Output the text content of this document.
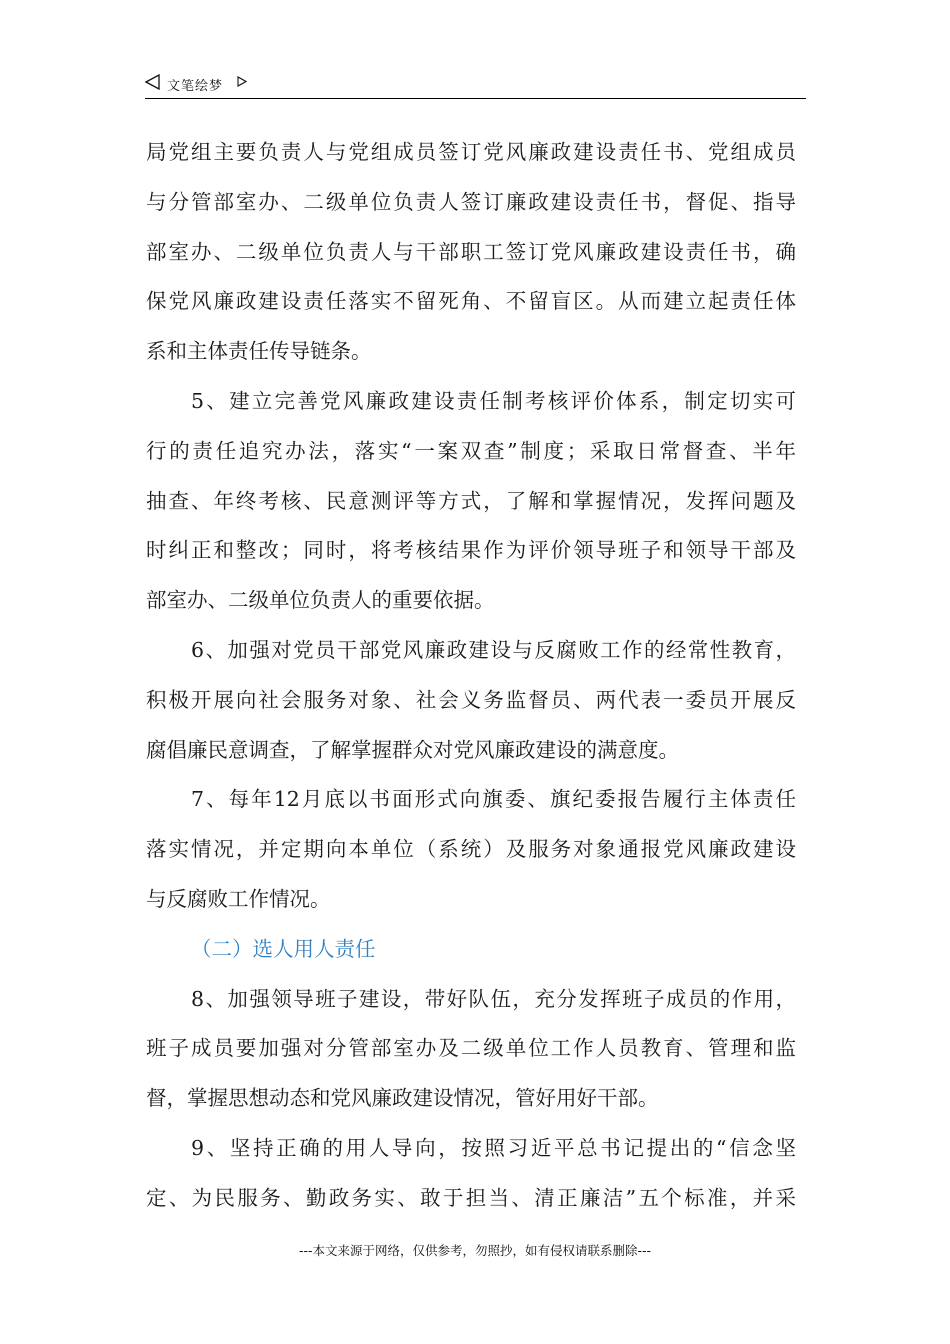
文笔绘梦
局党组主要负责人与党组成员签订党风廉政建设责任书、党组成员
与分管部室办、二级单位负责人签订廉政建设责任书，督促、指导
部室办、二级单位负责人与干部职工签订党风廉政建设责任书，确
保党风廉政建设责任落实不留死角、不留盲区。从而建立起责任体
系和主体责任传导链条。
5、建立完善党风廉政建设责任制考核评价体系，制定切实可
行的责任追究办法，落实“一案双查”制度；采取日常督查、半年
抽查、年终考核、民意测评等方式，了解和掌握情况，发挥问题及
时纠正和整改；同时，将考核结果作为评价领导班子和领导干部及
部室办、二级单位负责人的重要依据。
6、加强对党员干部党风廉政建设与反腐败工作的经常性教育，
积极开展向社会服务对象、社会义务监督员、两代表一委员开展反
腐倡廉民意调查，了解掌握群众对党风廉政建设的满意度。
7、每年12月底以书面形式向旗委、旗纪委报告履行主体责任
落实情况，并定期向本单位（系统）及服务对象通报党风廉政建设
与反腐败工作情况。
（二）选人用人责任
8、加强领导班子建设，带好队伍，充分发挥班子成员的作用，
班子成员要加强对分管部室办及二级单位工作人员教育、管理和监
督，掌握思想动态和党风廉政建设情况，管好用好干部。
9、坚持正确的用人导向，按照习近平总书记提出的“信念坚
定、为民服务、勤政务实、敢于担当、清正廉洁”五个标准，并采
---本文来源于网络，仅供参考，勿照抄，如有侵权请联系删除---
